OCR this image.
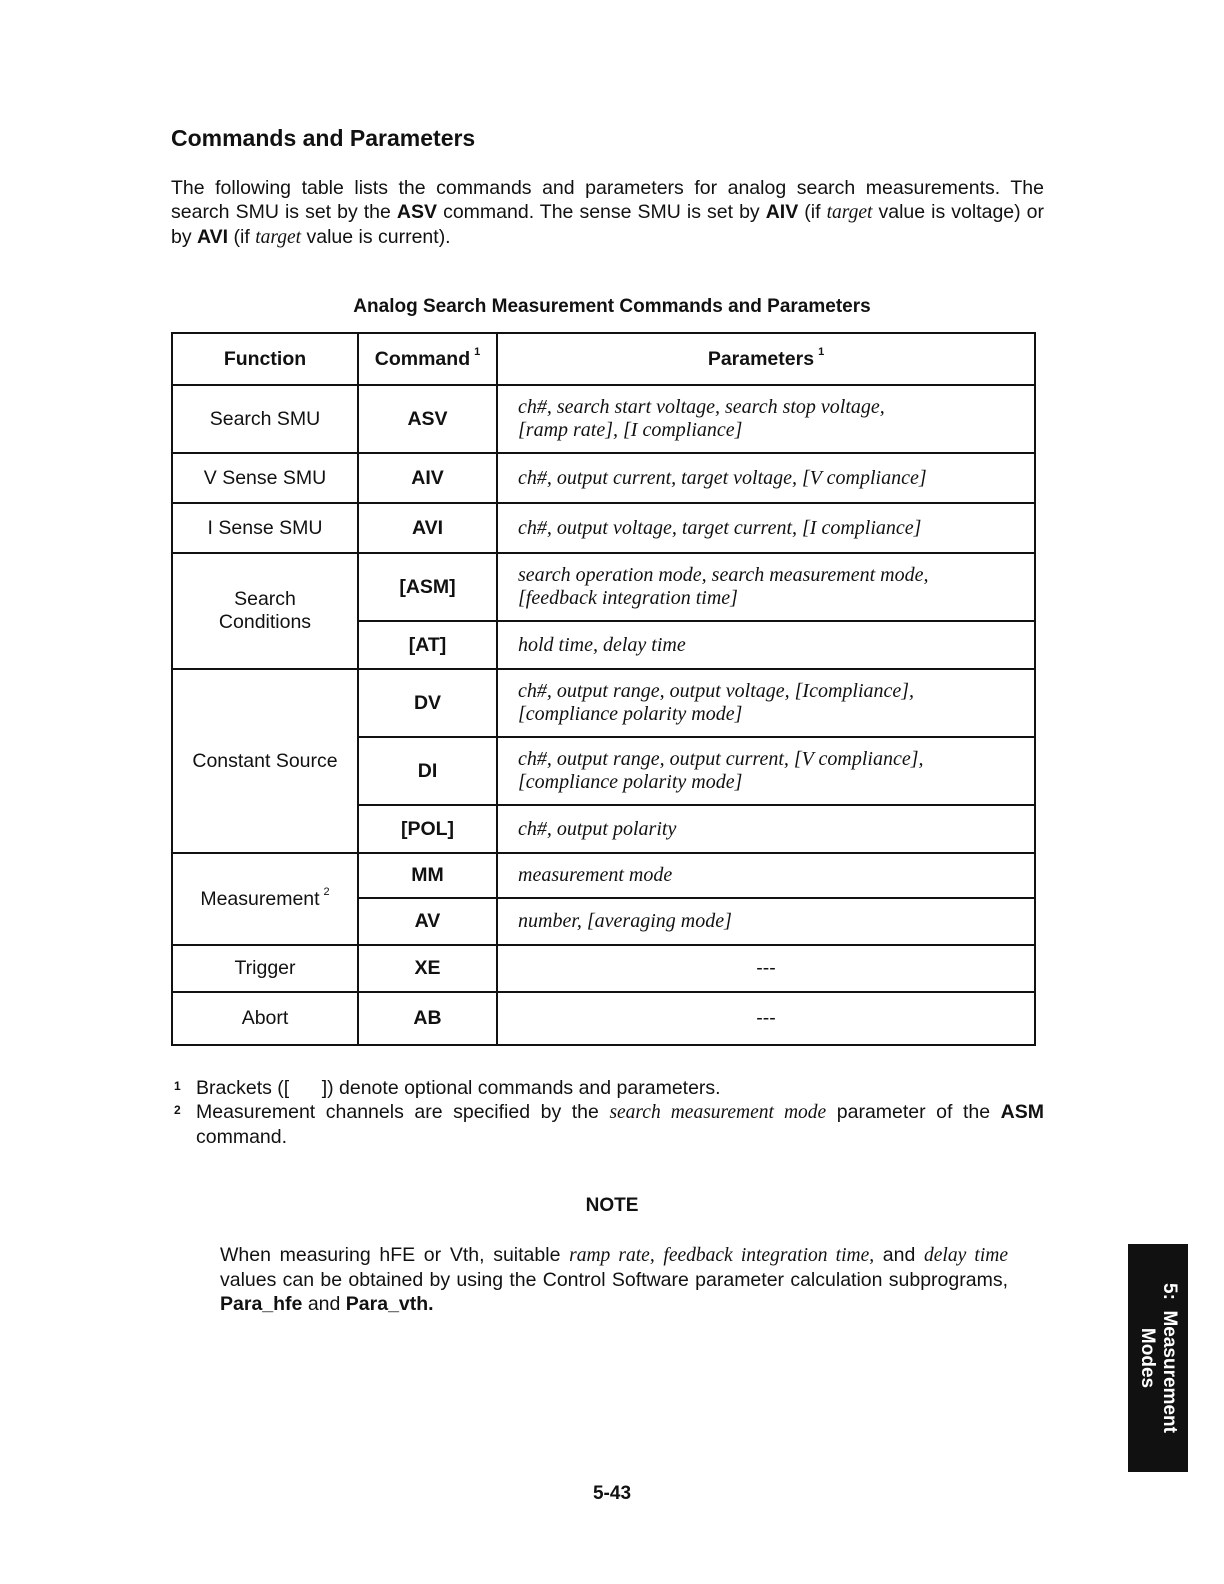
Commands and Parameters

The following table lists the commands and parameters for analog search measurements. The search SMU is set by the ASV command. The sense SMU is set by AIV (if target value is voltage) or by AVI (if target value is current).

Analog Search Measurement Commands and Parameters
Function	Command $^1$	Parameters $^1$
Search SMU	ASV	ch#, search start voltage, search stop voltage,
[ramp rate], [I compliance]

V Sense SMU	AIV	ch#, output current, target voltage, [V compliance]
I Sense SMU	AVI	ch#, output voltage, target current, [I compliance]

Search Conditions	[ASM]	search operation mode, search measurement mode,
[feedback integration time]

	[AT]	hold time, delay time
Constant Source	DV	ch#, output range, output voltage, [Icompliance],
[compliance polarity mode]

	DI	ch#, output range, output current, [V compliance],
[compliance polarity mode]

	[POL]	ch#, output polarity
Measurement $^2$	MM	measurement mode
	AV	number, [averaging mode]
Trigger	XE	---
Abort	AB	---
1 Brackets ([      ]) denote optional commands and parameters.
2 Measurement channels are specified by the search measurement mode parameter of the ASM command.
NOTE
When measuring hFE or Vth, suitable ramp rate, feedback integration time, and delay time values can be obtained by using the Control Software parameter calculation subprograms, Para_hfe and Para_vth.
5-43
5:  Measurement
Modes
